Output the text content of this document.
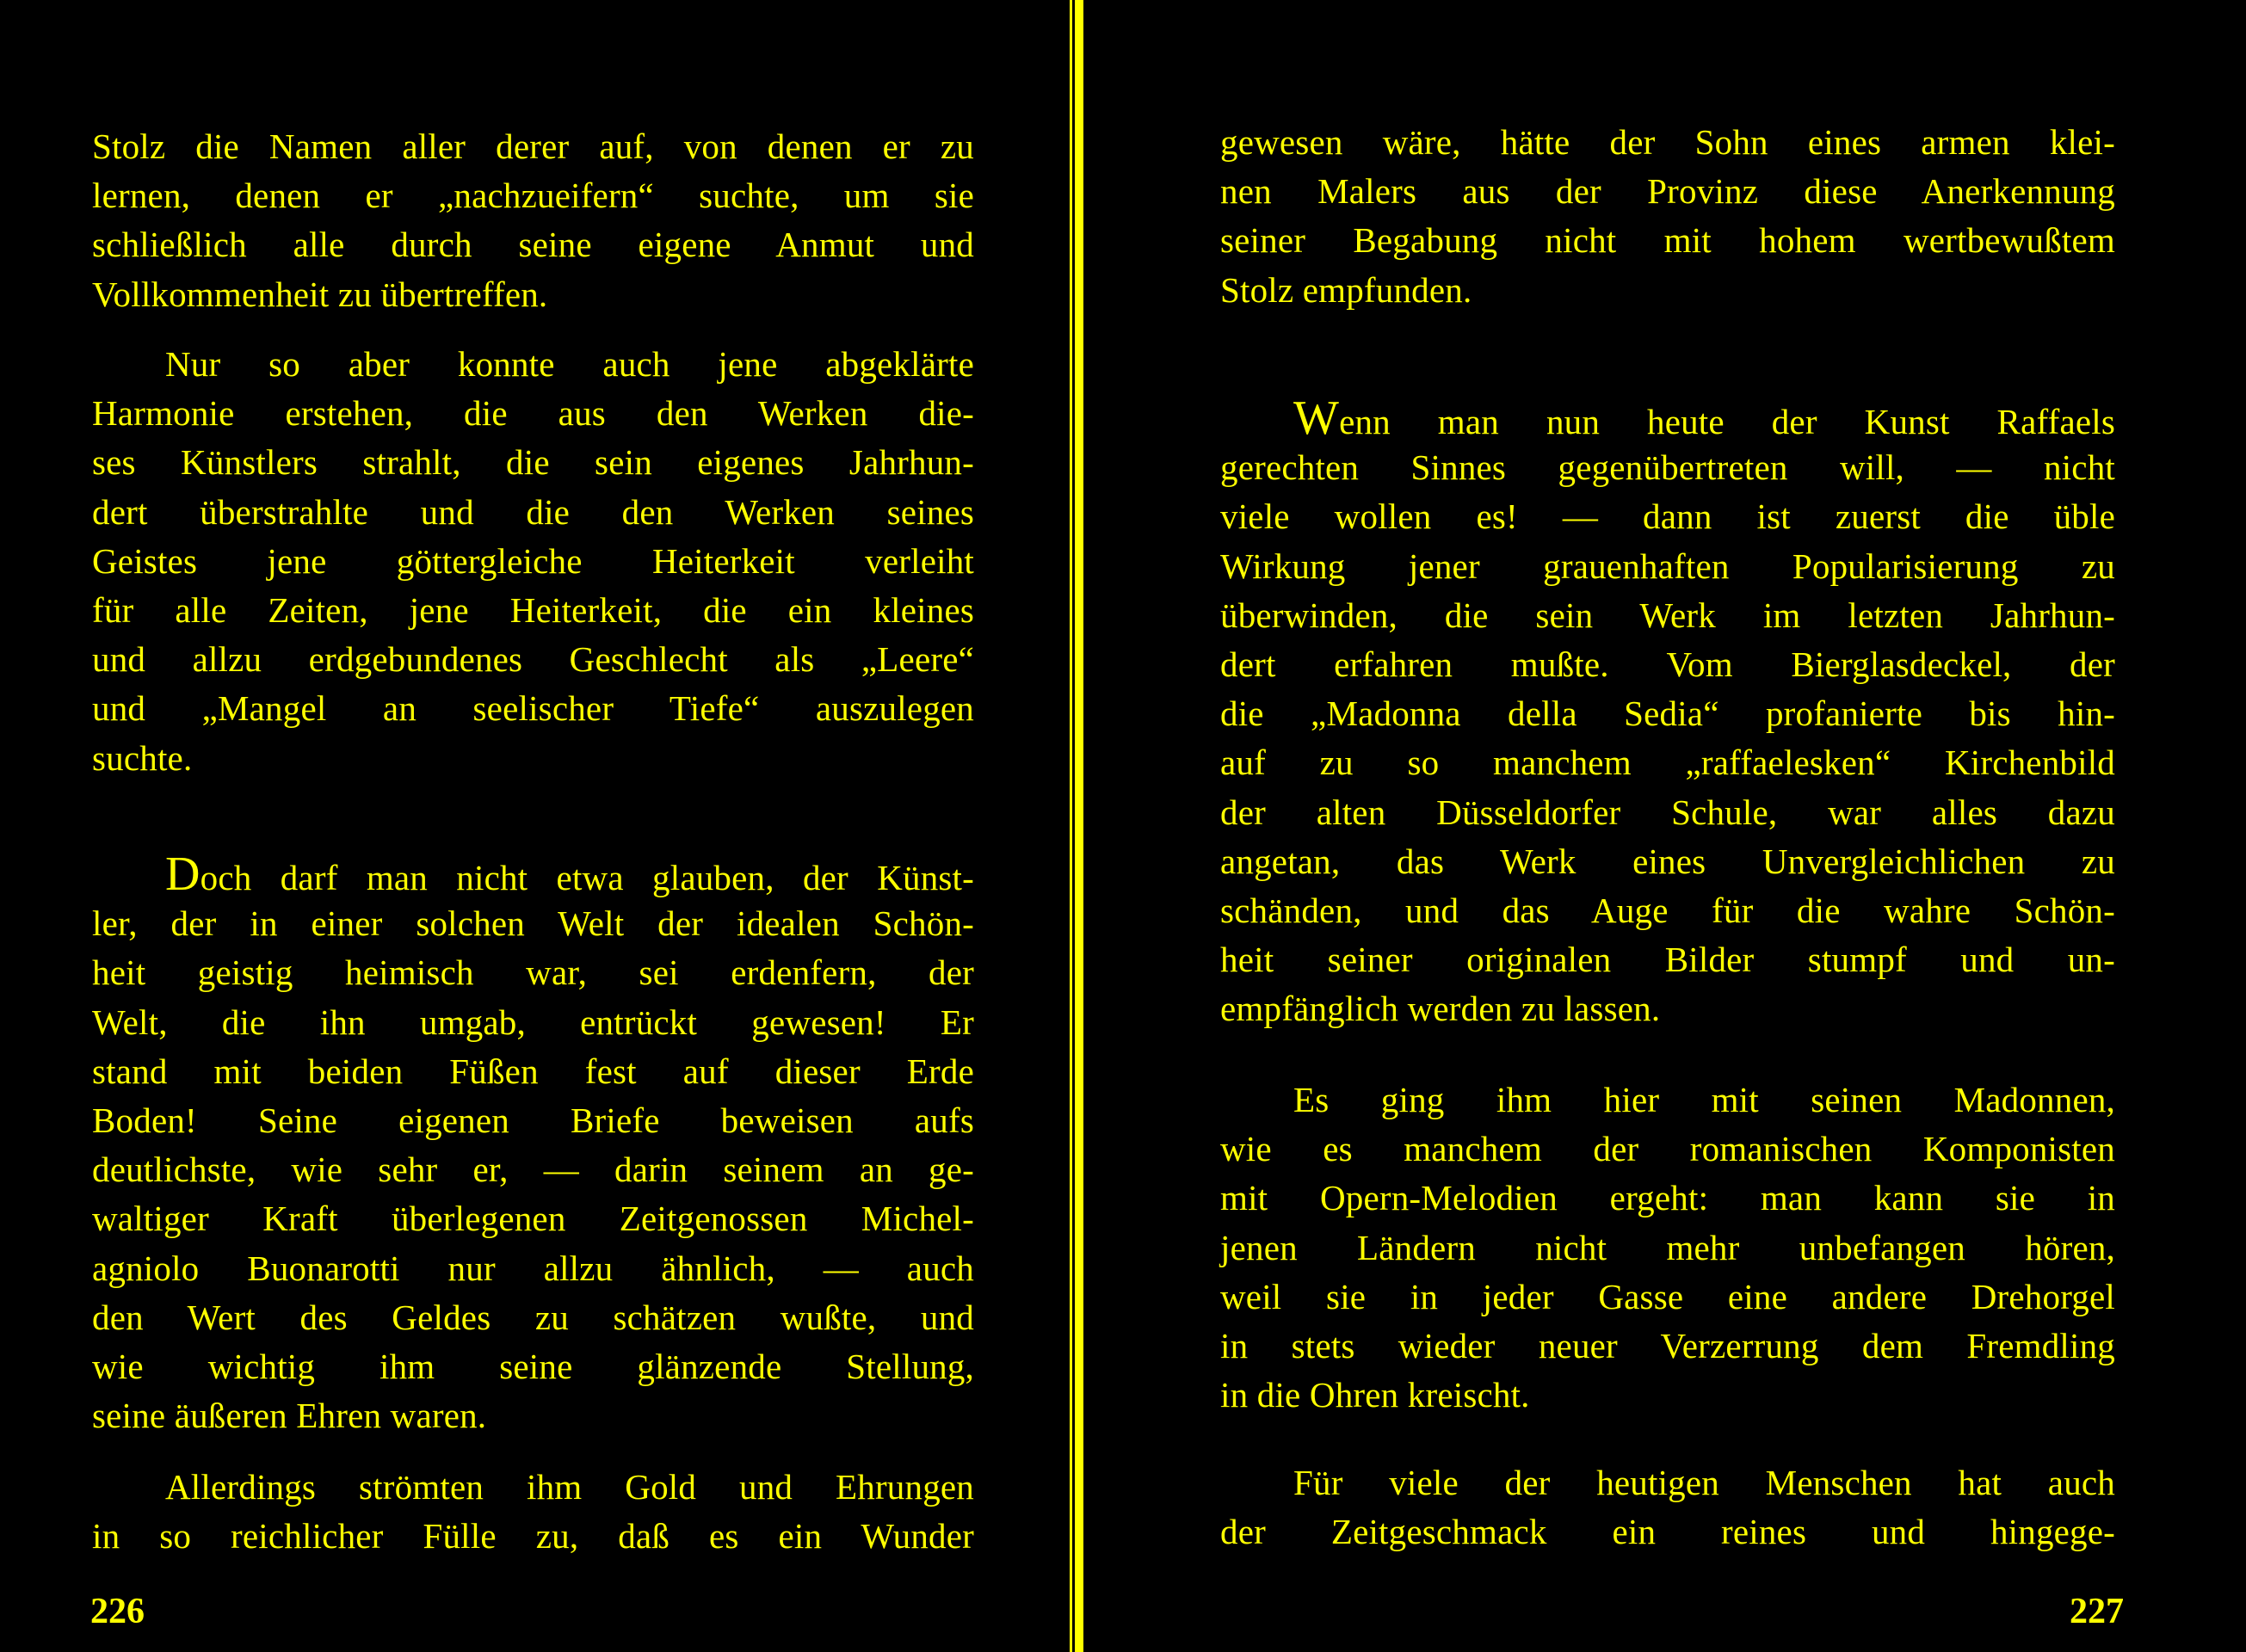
Stolz die Namen aller derer auf, von denen er zu
lernen, denen er „nachzueifern“ suchte, um sie
schließlich alle durch seine eigene Anmut und
Vollkommenheit zu übertreffen.
Nur so aber konnte auch jene abgeklärte
Harmonie erstehen, die aus den Werken die-
ses Künstlers strahlt, die sein eigenes Jahrhun-
dert überstrahlte und die den Werken seines
Geistes jene göttergleiche Heiterkeit verleiht
für alle Zeiten, jene Heiterkeit, die ein kleines
und allzu erdgebundenes Geschlecht als „Leere“
und „Mangel an seelischer Tiefe“ auszulegen
suchte.
Doch darf man nicht etwa glauben, der Künst-
ler, der in einer solchen Welt der idealen Schön-
heit geistig heimisch war, sei erdenfern, der
Welt, die ihn umgab, entrückt gewesen! Er
stand mit beiden Füßen fest auf dieser Erde
Boden! Seine eigenen Briefe beweisen aufs
deutlichste, wie sehr er, — darin seinem an ge-
waltiger Kraft überlegenen Zeitgenossen Michel-
agniolo Buonarotti nur allzu ähnlich, — auch
den Wert des Geldes zu schätzen wußte, und
wie wichtig ihm seine glänzende Stellung,
seine äußeren Ehren waren.
Allerdings strömten ihm Gold und Ehrungen
in so reichlicher Fülle zu, daß es ein Wunder
226
gewesen wäre, hätte der Sohn eines armen klei-
nen Malers aus der Provinz diese Anerkennung
seiner Begabung nicht mit hohem wertbewußtem
Stolz empfunden.
Wenn man nun heute der Kunst Raffaels
gerechten Sinnes gegenübertreten will, — nicht
viele wollen es! — dann ist zuerst die üble
Wirkung jener grauenhaften Popularisierung zu
überwinden, die sein Werk im letzten Jahrhun-
dert erfahren mußte. Vom Bierglasdeckel, der
die „Madonna della Sedia“ profanierte bis hin-
auf zu so manchem „raffaelesken“ Kirchenbild
der alten Düsseldorfer Schule, war alles dazu
angetan, das Werk eines Unvergleichlichen zu
schänden, und das Auge für die wahre Schön-
heit seiner originalen Bilder stumpf und un-
empfänglich werden zu lassen.
Es ging ihm hier mit seinen Madonnen,
wie es manchem der romanischen Komponisten
mit Opern-Melodien ergeht: man kann sie in
jenen Ländern nicht mehr unbefangen hören,
weil sie in jeder Gasse eine andere Drehorgel
in stets wieder neuer Verzerrung dem Fremdling
in die Ohren kreischt.
Für viele der heutigen Menschen hat auch
der Zeitgeschmack ein reines und hingege-
227
